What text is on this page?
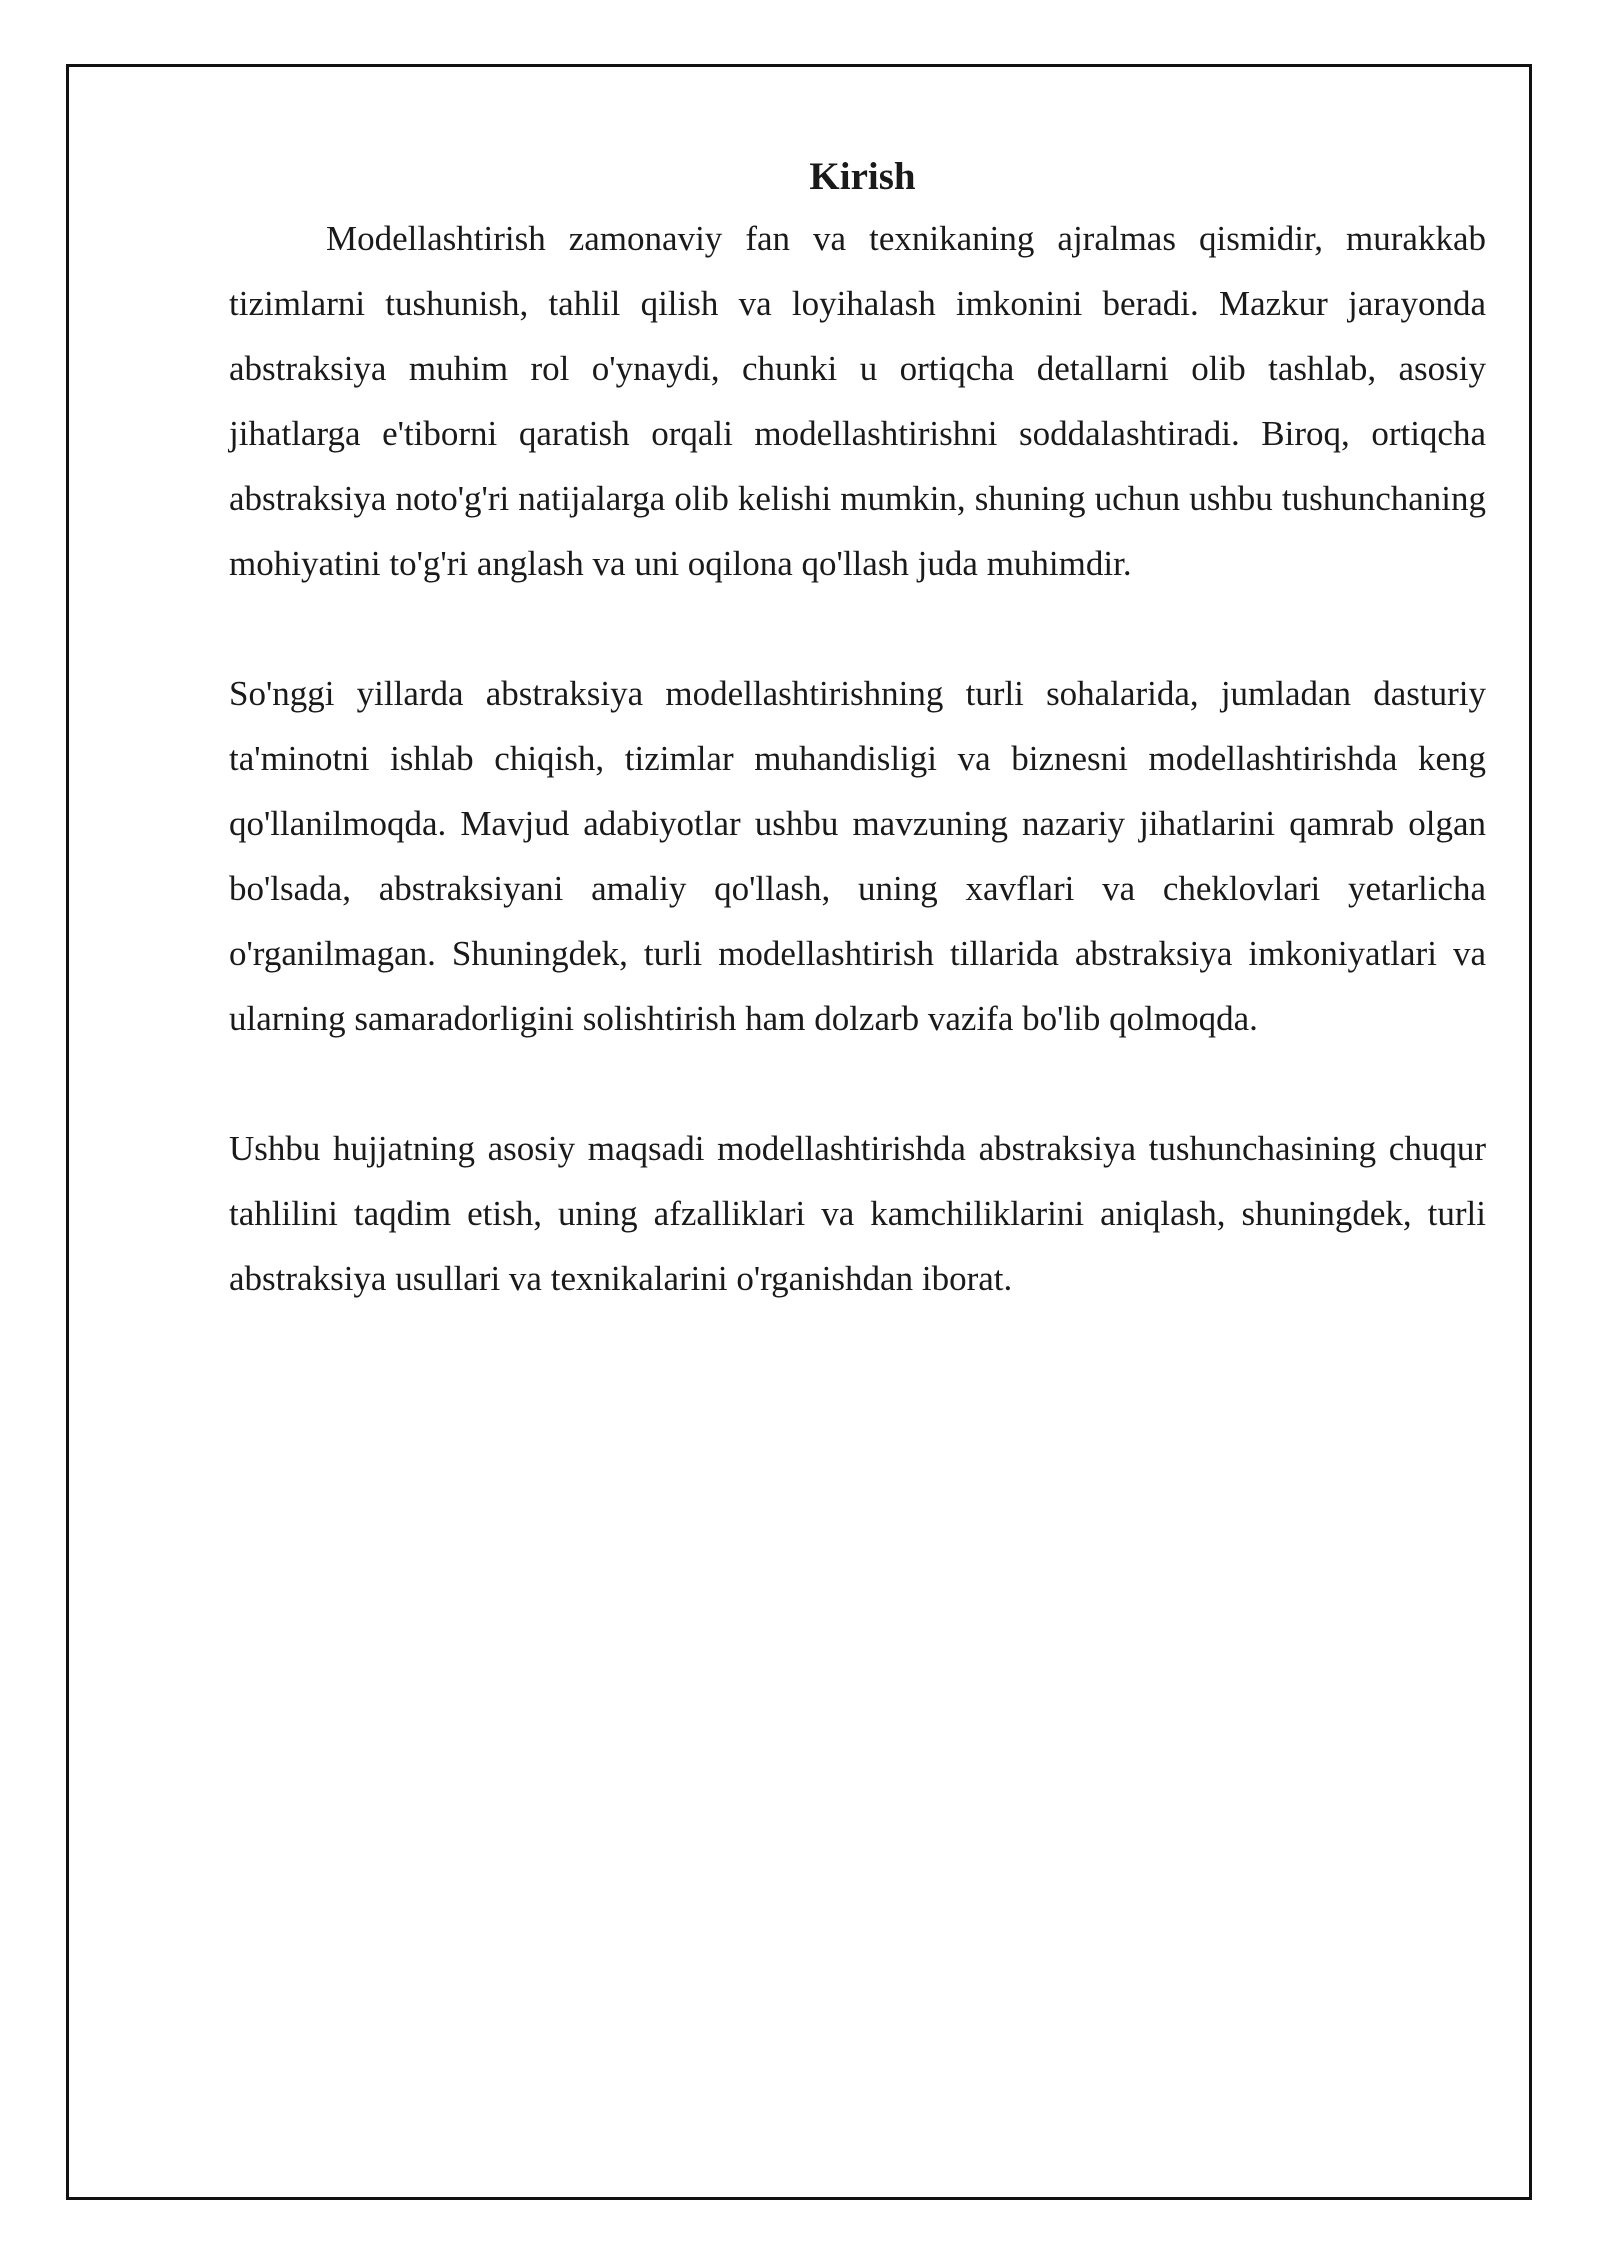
Kirish

Modellashtirish zamonaviy fan va texnikaning ajralmas qismidir, murakkab tizimlarni tushunish, tahlil qilish va loyihalash imkonini beradi. Mazkur jarayonda abstraksiya muhim rol o'ynaydi, chunki u ortiqcha detallarni olib tashlab, asosiy jihatlarga e'tiborni qaratish orqali modellashtirishni soddalashtiradi. Biroq, ortiqcha abstraksiya noto'g'ri natijalarga olib kelishi mumkin, shuning uchun ushbu tushunchaning mohiyatini to'g'ri anglash va uni oqilona qo'llash juda muhimdir.

So'nggi yillarda abstraksiya modellashtirishning turli sohalarida, jumladan dasturiy ta'minotni ishlab chiqish, tizimlar muhandisligi va biznesni modellashtirishda keng qo'llanilmoqda. Mavjud adabiyotlar ushbu mavzuning nazariy jihatlarini qamrab olgan bo'lsada, abstraksiyani amaliy qo'llash, uning xavflari va cheklovlari yetarlicha o'rganilmagan. Shuningdek, turli modellashtirish tillarida abstraksiya imkoniyatlari va ularning samaradorligini solishtirish ham dolzarb vazifa bo'lib qolmoqda.

Ushbu hujjatning asosiy maqsadi modellashtirishda abstraksiya tushunchasining chuqur tahlilini taqdim etish, uning afzalliklari va kamchiliklarini aniqlash, shuningdek, turli abstraksiya usullari va texnikalarini o'rganishdan iborat.
